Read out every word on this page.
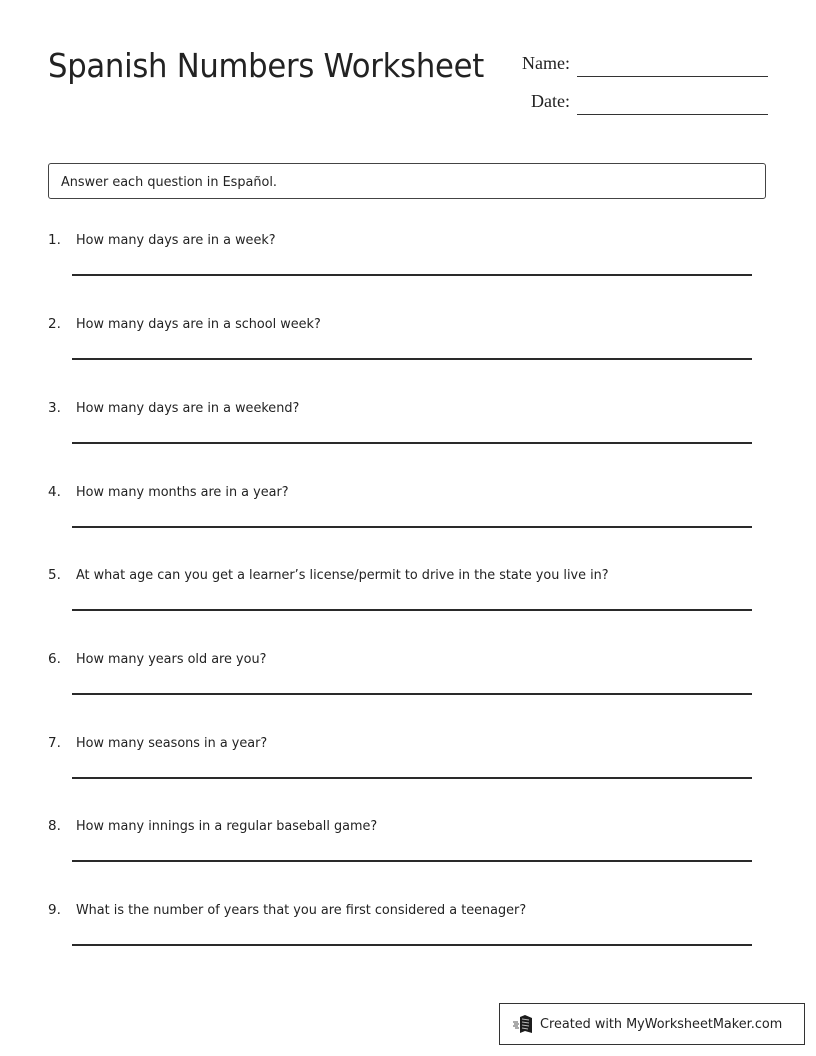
Spanish Numbers Worksheet Name:
Date:
Answer each question in Español.
1. How many days are in a week?
2. How many days are in a school week?
3. How many days are in a weekend?
4. How many months are in a year?
5. At what age can you get a learner’s license/permit to drive in the state you live in?
6. How many years old are you?
7. How many seasons in a year?
8. How many innings in a regular baseball game?
9. What is the number of years that you are first considered a teenager?
Created with MyWorksheetMaker.com
